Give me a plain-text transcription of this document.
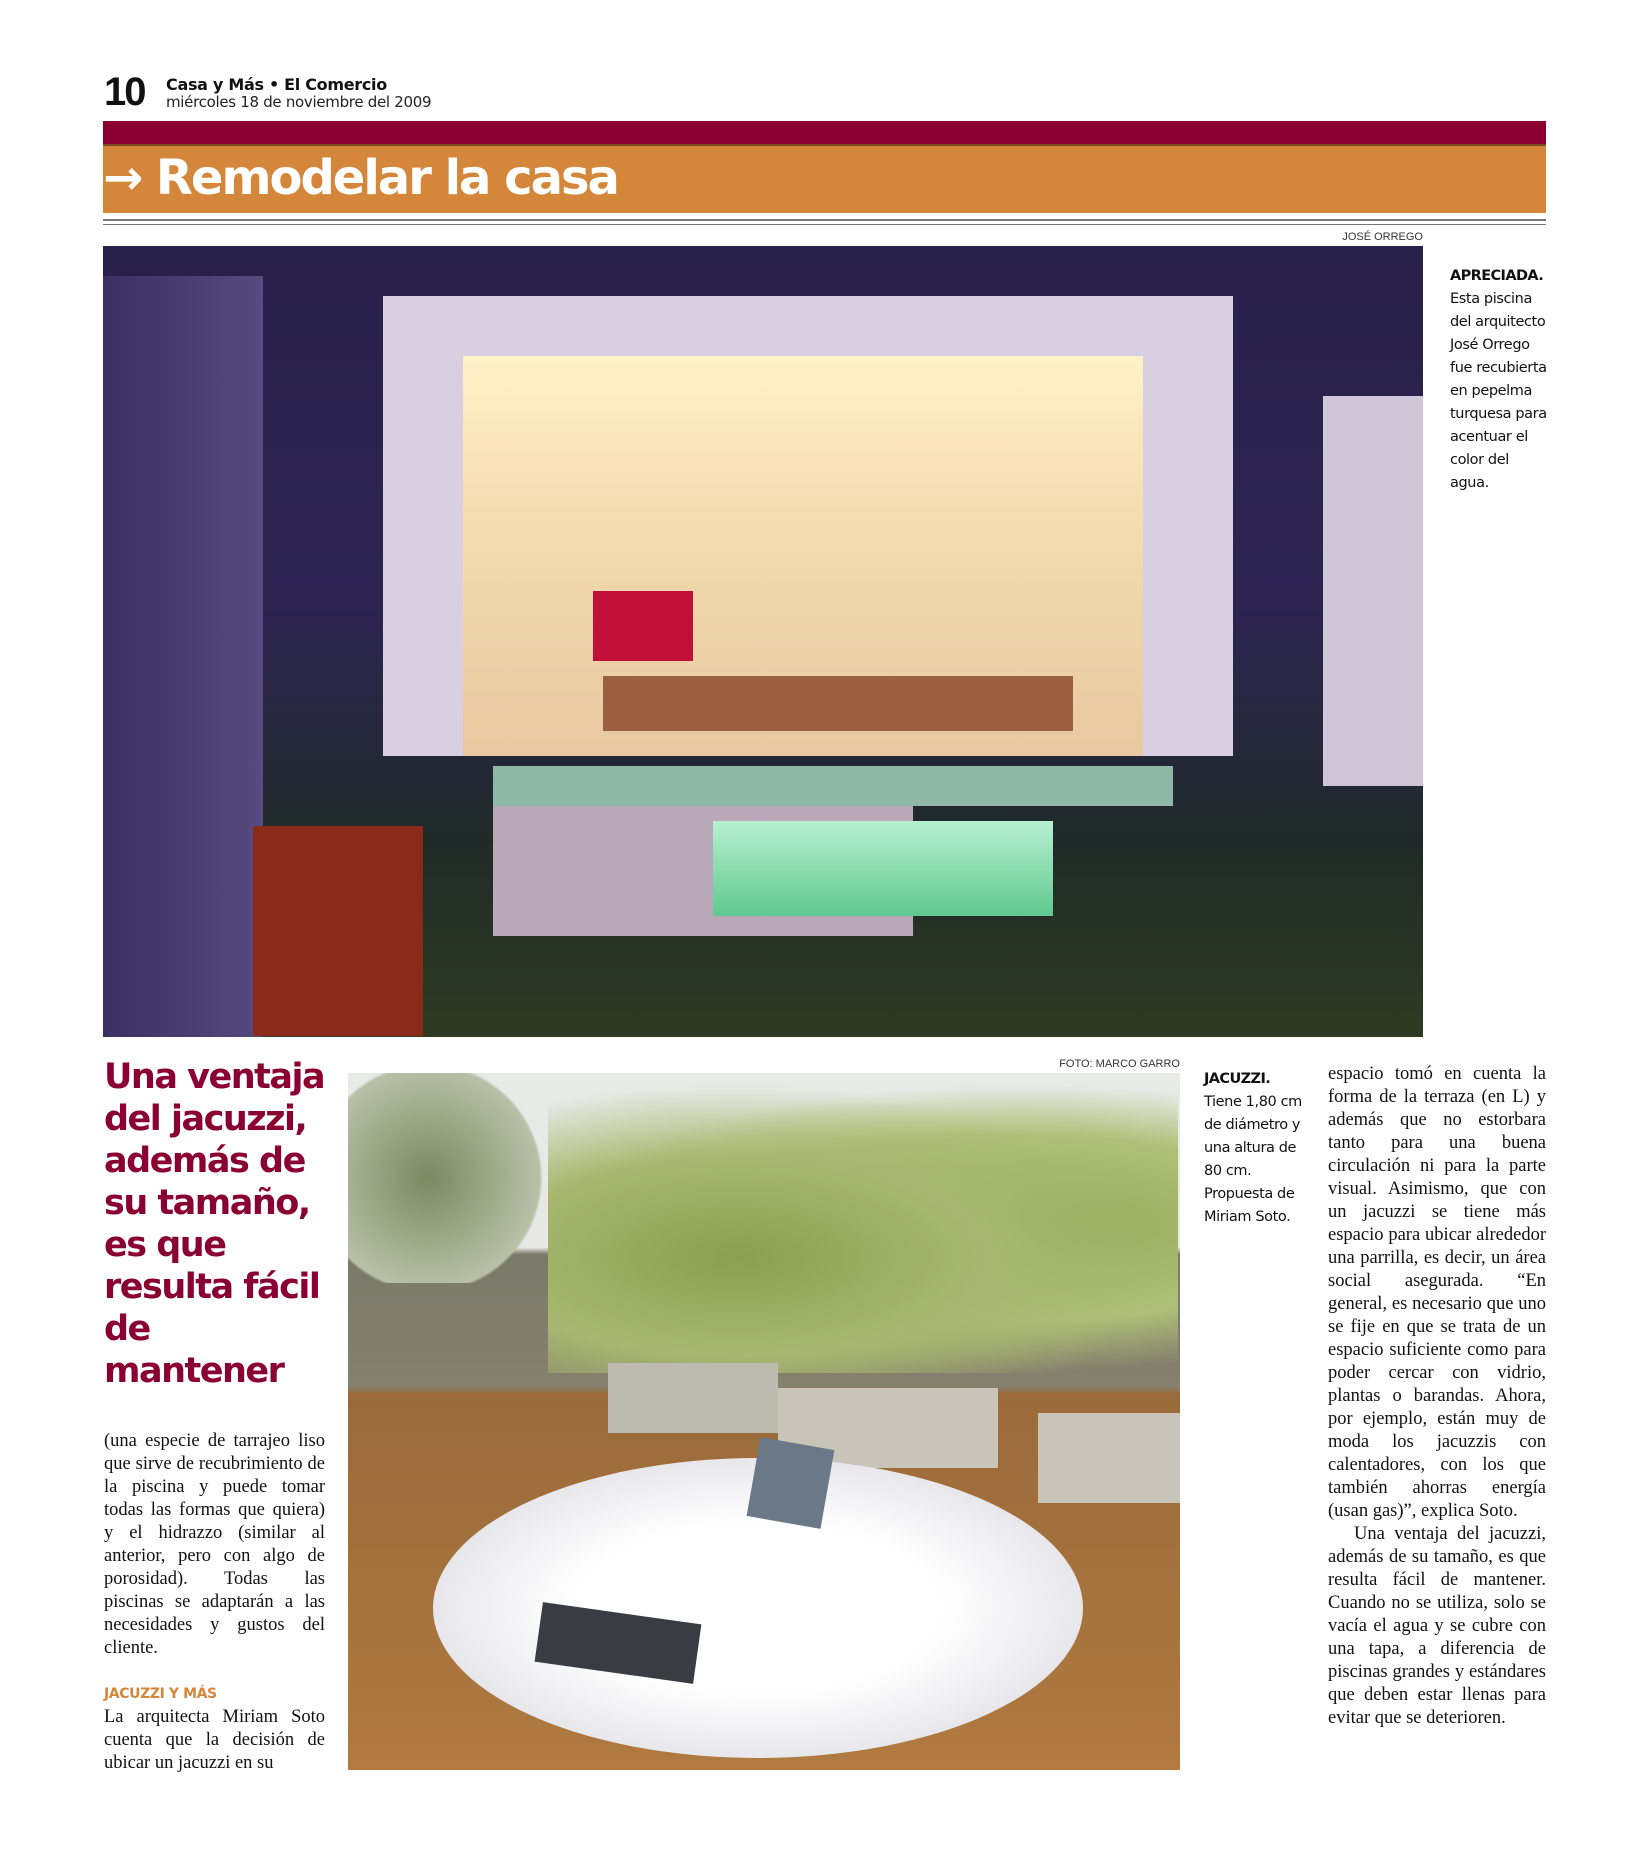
10 Casa y Más • El Comercio
miércoles 18 de noviembre del 2009
→ Remodelar la casa
JOSÉ ORREGO
APRECIADA.
Esta piscina del arquitecto José Orrego fue recubierta en pepelma turquesa para acentuar el color del agua.
Una ventaja del jacuzzi, además de su tamaño, es que resulta fácil de mantener

(una especie de tarrajeo liso que sirve de recubrimiento de la piscina y puede tomar todas las formas que quiera) y el hidrazzo (similar al anterior, pero con algo de porosidad). Todas las piscinas se adaptarán a las necesidades y gustos del cliente.

JACUZZI Y MÁS

La arquitecta Miriam Soto cuenta que la decisión de ubicar un jacuzzi en su

FOTO: MARCO GARRO
JACUZZI.
Tiene 1,80 cm de diámetro y una altura de 80 cm. Propuesta de Miriam Soto.

espacio tomó en cuenta la forma de la terraza (en L) y además que no estorbara tanto para una buena circulación ni para la parte visual. Asimismo, que con un jacuzzi se tiene más espacio para ubicar alrededor una parrilla, es decir, un área social asegurada. “En general, es necesario que uno se fije en que se trata de un espacio suficiente como para poder cercar con vidrio, plantas o barandas. Ahora, por ejemplo, están muy de moda los jacuzzis con calentadores, con los que también ahorras energía (usan gas)”, explica Soto.

Una ventaja del jacuzzi, además de su tamaño, es que resulta fácil de mantener. Cuando no se utiliza, solo se vacía el agua y se cubre con una tapa, a diferencia de piscinas grandes y estándares que deben estar llenas para evitar que se deterioren.
